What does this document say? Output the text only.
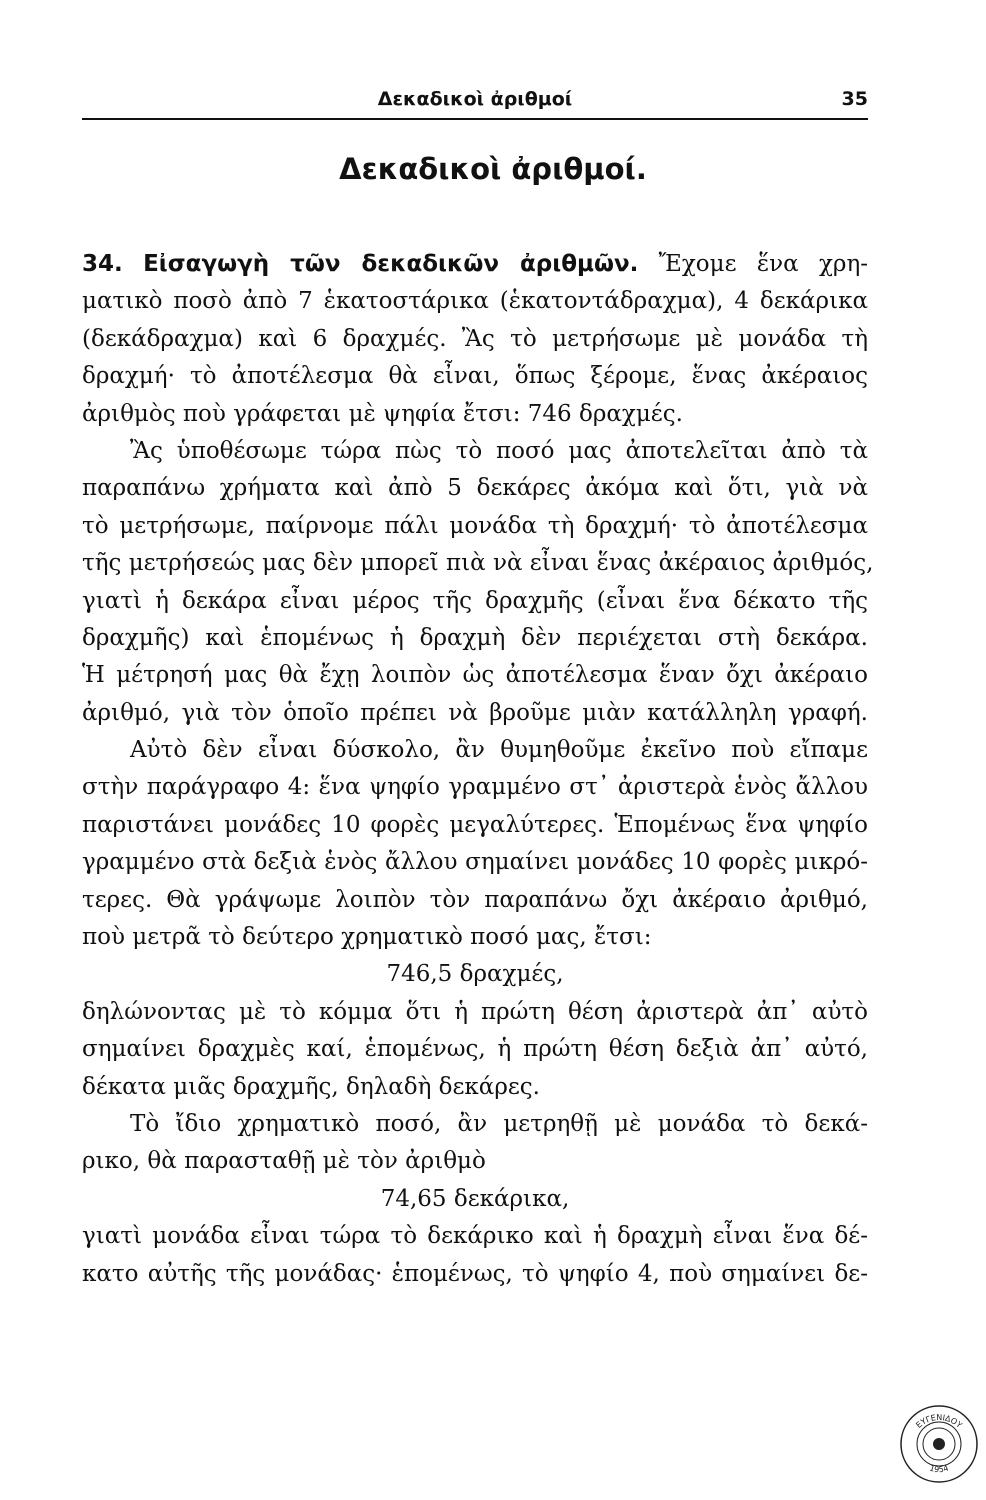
Δεκαδικοὶ ἀριθμοί	35
Δεκαδικοὶ ἀριθμοί.
34. Εἰσαγωγὴ τῶν δεκαδικῶν ἀριθμῶν. Ἔχομε ἕνα χρη-
ματικὸ ποσὸ ἀπὸ 7 ἑκατοστάρικα (ἑκατοντάδραχμα), 4 δεκάρικα
(δεκάδραχμα) καὶ 6 δραχμές. Ἂς τὸ μετρήσωμε μὲ μονάδα τὴ
δραχμή· τὸ ἀποτέλεσμα θὰ εἶναι, ὅπως ξέρομε, ἕνας ἀκέραιος
ἀριθμὸς ποὺ γράφεται μὲ ψηφία ἔτσι: 746 δραχμές.
Ἂς ὑποθέσωμε τώρα πὼς τὸ ποσό μας ἀποτελεῖται ἀπὸ τὰ
παραπάνω χρήματα καὶ ἀπὸ 5 δεκάρες ἀκόμα καὶ ὅτι, γιὰ νὰ
τὸ μετρήσωμε, παίρνομε πάλι μονάδα τὴ δραχμή· τὸ ἀποτέλεσμα
τῆς μετρήσεώς μας δὲν μπορεῖ πιὰ νὰ εἶναι ἕνας ἀκέραιος ἀριθμός,
γιατὶ ἡ δεκάρα εἶναι μέρος τῆς δραχμῆς (εἶναι ἕνα δέκατο τῆς
δραχμῆς) καὶ ἑπομένως ἡ δραχμὴ δὲν περιέχεται στὴ δεκάρα.
Ἡ μέτρησή μας θὰ ἔχῃ λοιπὸν ὡς ἀποτέλεσμα ἕναν ὄχι ἀκέραιο
ἀριθμό, γιὰ τὸν ὁποῖο πρέπει νὰ βροῦμε μιὰν κατάλληλη γραφή.
Αὐτὸ δὲν εἶναι δύσκολο, ἂν θυμηθοῦμε ἐκεῖνο ποὺ εἴπαμε
στὴν παράγραφο 4: ἕνα ψηφίο γραμμένο στ᾽ ἀριστερὰ ἑνὸς ἄλλου
παριστάνει μονάδες 10 φορὲς μεγαλύτερες. Ἑπομένως ἕνα ψηφίο
γραμμένο στὰ δεξιὰ ἑνὸς ἄλλου σημαίνει μονάδες 10 φορὲς μικρό-
τερες. Θὰ γράψωμε λοιπὸν τὸν παραπάνω ὄχι ἀκέραιο ἀριθμό,
ποὺ μετρᾶ τὸ δεύτερο χρηματικὸ ποσό μας, ἔτσι:
746,5 δραχμές,
δηλώνοντας μὲ τὸ κόμμα ὅτι ἡ πρώτη θέση ἀριστερὰ ἀπ᾽ αὐτὸ
σημαίνει δραχμὲς καί, ἑπομένως, ἡ πρώτη θέση δεξιὰ ἀπ᾽ αὐτό,
δέκατα μιᾶς δραχμῆς, δηλαδὴ δεκάρες.
Τὸ ἴδιο χρηματικὸ ποσό, ἂν μετρηθῇ μὲ μονάδα τὸ δεκά-
ρικο, θὰ παρασταθῇ μὲ τὸν ἀριθμὸ
74,65 δεκάρικα,
γιατὶ μονάδα εἶναι τώρα τὸ δεκάρικο καὶ ἡ δραχμὴ εἶναι ἕνα δέ-
κατο αὐτῆς τῆς μονάδας· ἑπομένως, τὸ ψηφίο 4, ποὺ σημαίνει δε-
ΕΥΓΕΝΙΔΟΥ
1954
